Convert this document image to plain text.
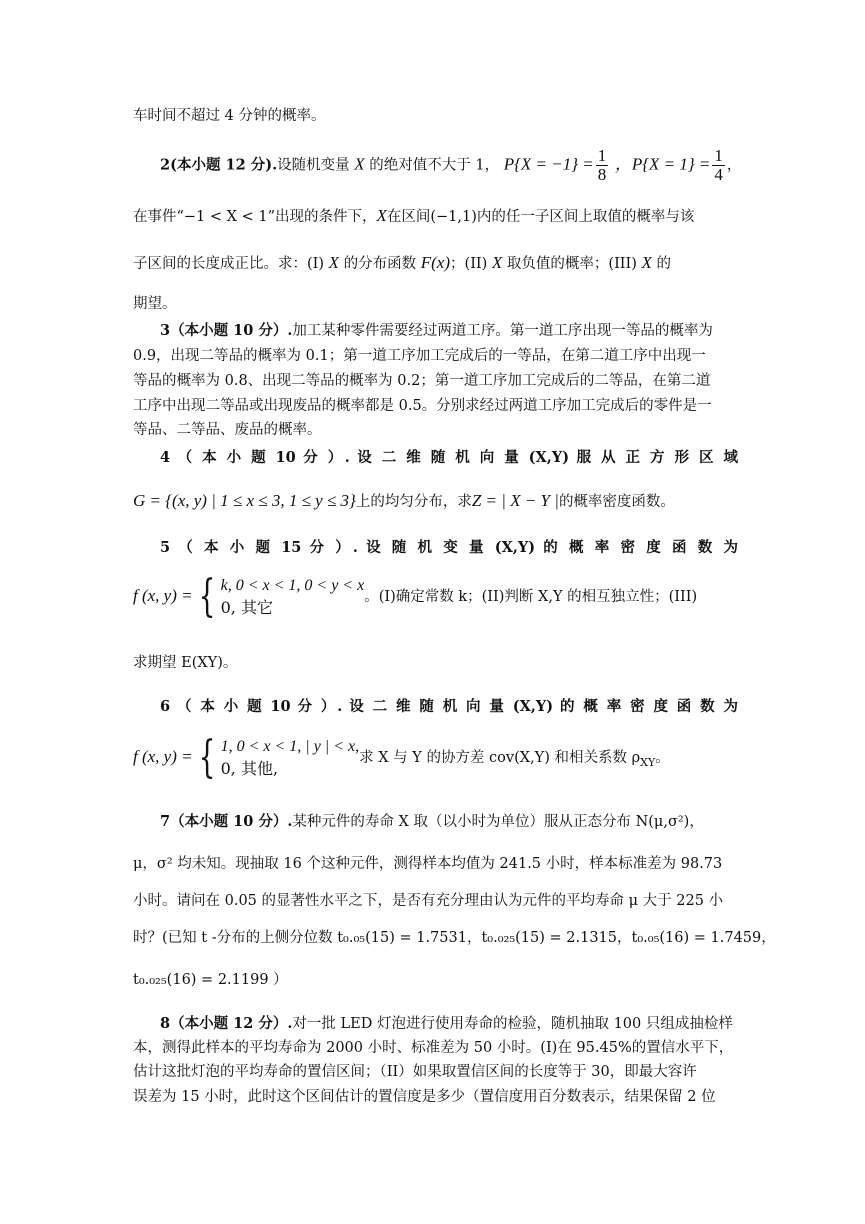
车时间不超过 4 分钟的概率。
2(本小题 12 分).设随机变量 X 的绝对值不大于 1， $P\{X = -1\} = \frac{1}{8}$ ，$P\{X = 1\} = \frac{1}{4}$ ，
在事件“−1 < X < 1”出现的条件下，X在区间(−1,1)内的任一子区间上取值的概率与该
子区间的长度成正比。求：(I) X 的分布函数 F(x)；(II) X 取负值的概率；(III) X 的
期望。
3（本小题 10 分）.加工某种零件需要经过两道工序。第一道工序出现一等品的概率为
0.9，出现二等品的概率为 0.1；第一道工序加工完成后的一等品，在第二道工序中出现一
等品的概率为 0.8、出现二等品的概率为 0.2；第一道工序加工完成后的二等品，在第二道
工序中出现二等品或出现废品的概率都是 0.5。分别求经过两道工序加工完成后的零件是一
等品、二等品、废品的概率。
4 （ 本 小 题 10 分 ）. 设 二 维 随 机 向 量 (X,Y) 服 从 正 方 形 区 域
G = {(x, y) | 1 ≤ x ≤ 3, 1 ≤ y ≤ 3}上的均匀分布，求Z = | X − Y |的概率密度函数。
5 （ 本 小 题 15 分 ）. 设 随 机 变 量 (X,Y) 的 概 率 密 度 函 数 为
f (x, y) = { k, 0 < x < 1, 0 < y < x
0, 其它
。(I)确定常数 k；(II)判断 X,Y 的相互独立性；(III)
求期望 E(XY)。
6 （ 本 小 题 10 分 ）. 设 二 维 随 机 向 量 (X,Y) 的 概 率 密 度 函 数 为
f (x, y) = { 1, 0 < x < 1, | y | < x,
0, 其他,
求 X 与 Y 的协方差 cov(X,Y) 和相关系数 $\rho_{XY}$。
7（本小题 10 分）.某种元件的寿命 X 取（以小时为单位）服从正态分布 N(μ,σ²)，
μ，σ² 均未知。现抽取 16 个这种元件，测得样本均值为 241.5 小时，样本标准差为 98.73
小时。请问在 0.05 的显著性水平之下，是否有充分理由认为元件的平均寿命 μ 大于 225 小
时？(已知 t -分布的上侧分位数 t₀.₀₅(15) = 1.7531，t₀.₀₂₅(15) = 2.1315，t₀.₀₅(16) = 1.7459，
t₀.₀₂₅(16) = 2.1199 ）
8（本小题 12 分）.对一批 LED 灯泡进行使用寿命的检验，随机抽取 100 只组成抽检样
本，测得此样本的平均寿命为 2000 小时、标准差为 50 小时。(I)在 95.45%的置信水平下，
估计这批灯泡的平均寿命的置信区间；（II）如果取置信区间的长度等于 30，即最大容许
误差为 15 小时，此时这个区间估计的置信度是多少（置信度用百分数表示，结果保留 2 位
